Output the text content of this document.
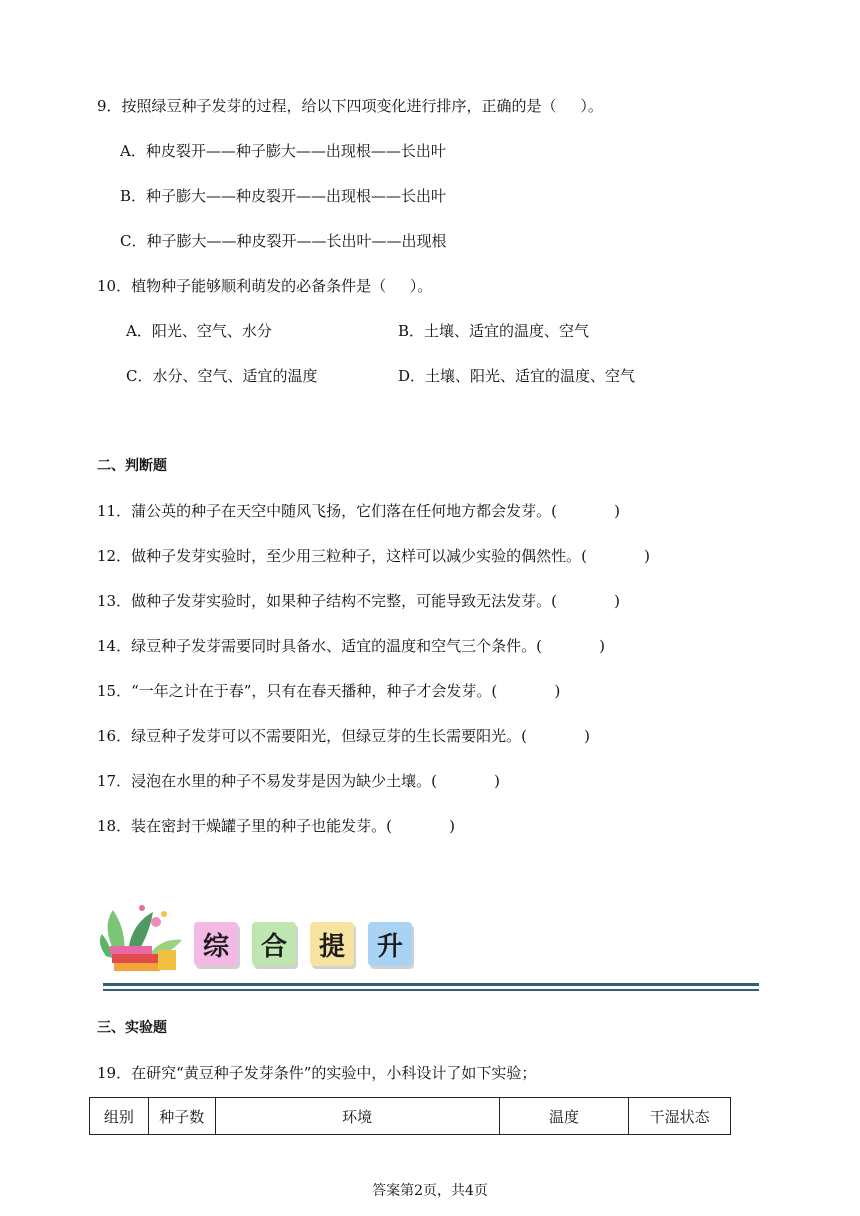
9．按照绿豆种子发芽的过程，给以下四项变化进行排序，正确的是（     ）。
A．种皮裂开——种子膨大——出现根——长出叶
B．种子膨大——种皮裂开——出现根——长出叶
C．种子膨大——种皮裂开——长出叶——出现根
10．植物种子能够顺利萌发的必备条件是（     ）。
A．阳光、空气、水分	B．土壤、适宜的温度、空气
C．水分、空气、适宜的温度	D．土壤、阳光、适宜的温度、空气
二、判断题
11．蒲公英的种子在天空中随风飞扬，它们落在任何地方都会发芽。(            )
12．做种子发芽实验时，至少用三粒种子，这样可以减少实验的偶然性。(            )
13．做种子发芽实验时，如果种子结构不完整，可能导致无法发芽。(            )
14．绿豆种子发芽需要同时具备水、适宜的温度和空气三个条件。(            )
15．“一年之计在于春”，只有在春天播种，种子才会发芽。(            )
16．绿豆种子发芽可以不需要阳光，但绿豆芽的生长需要阳光。(            )
17．浸泡在水里的种子不易发芽是因为缺少土壤。(            )
18．装在密封干燥罐子里的种子也能发芽。(            )
综 合 提 升
三、实验题
19．在研究“黄豆种子发芽条件”的实验中，小科设计了如下实验；
组别	种子数	环境	温度	干湿状态
答案第2页，共4页
